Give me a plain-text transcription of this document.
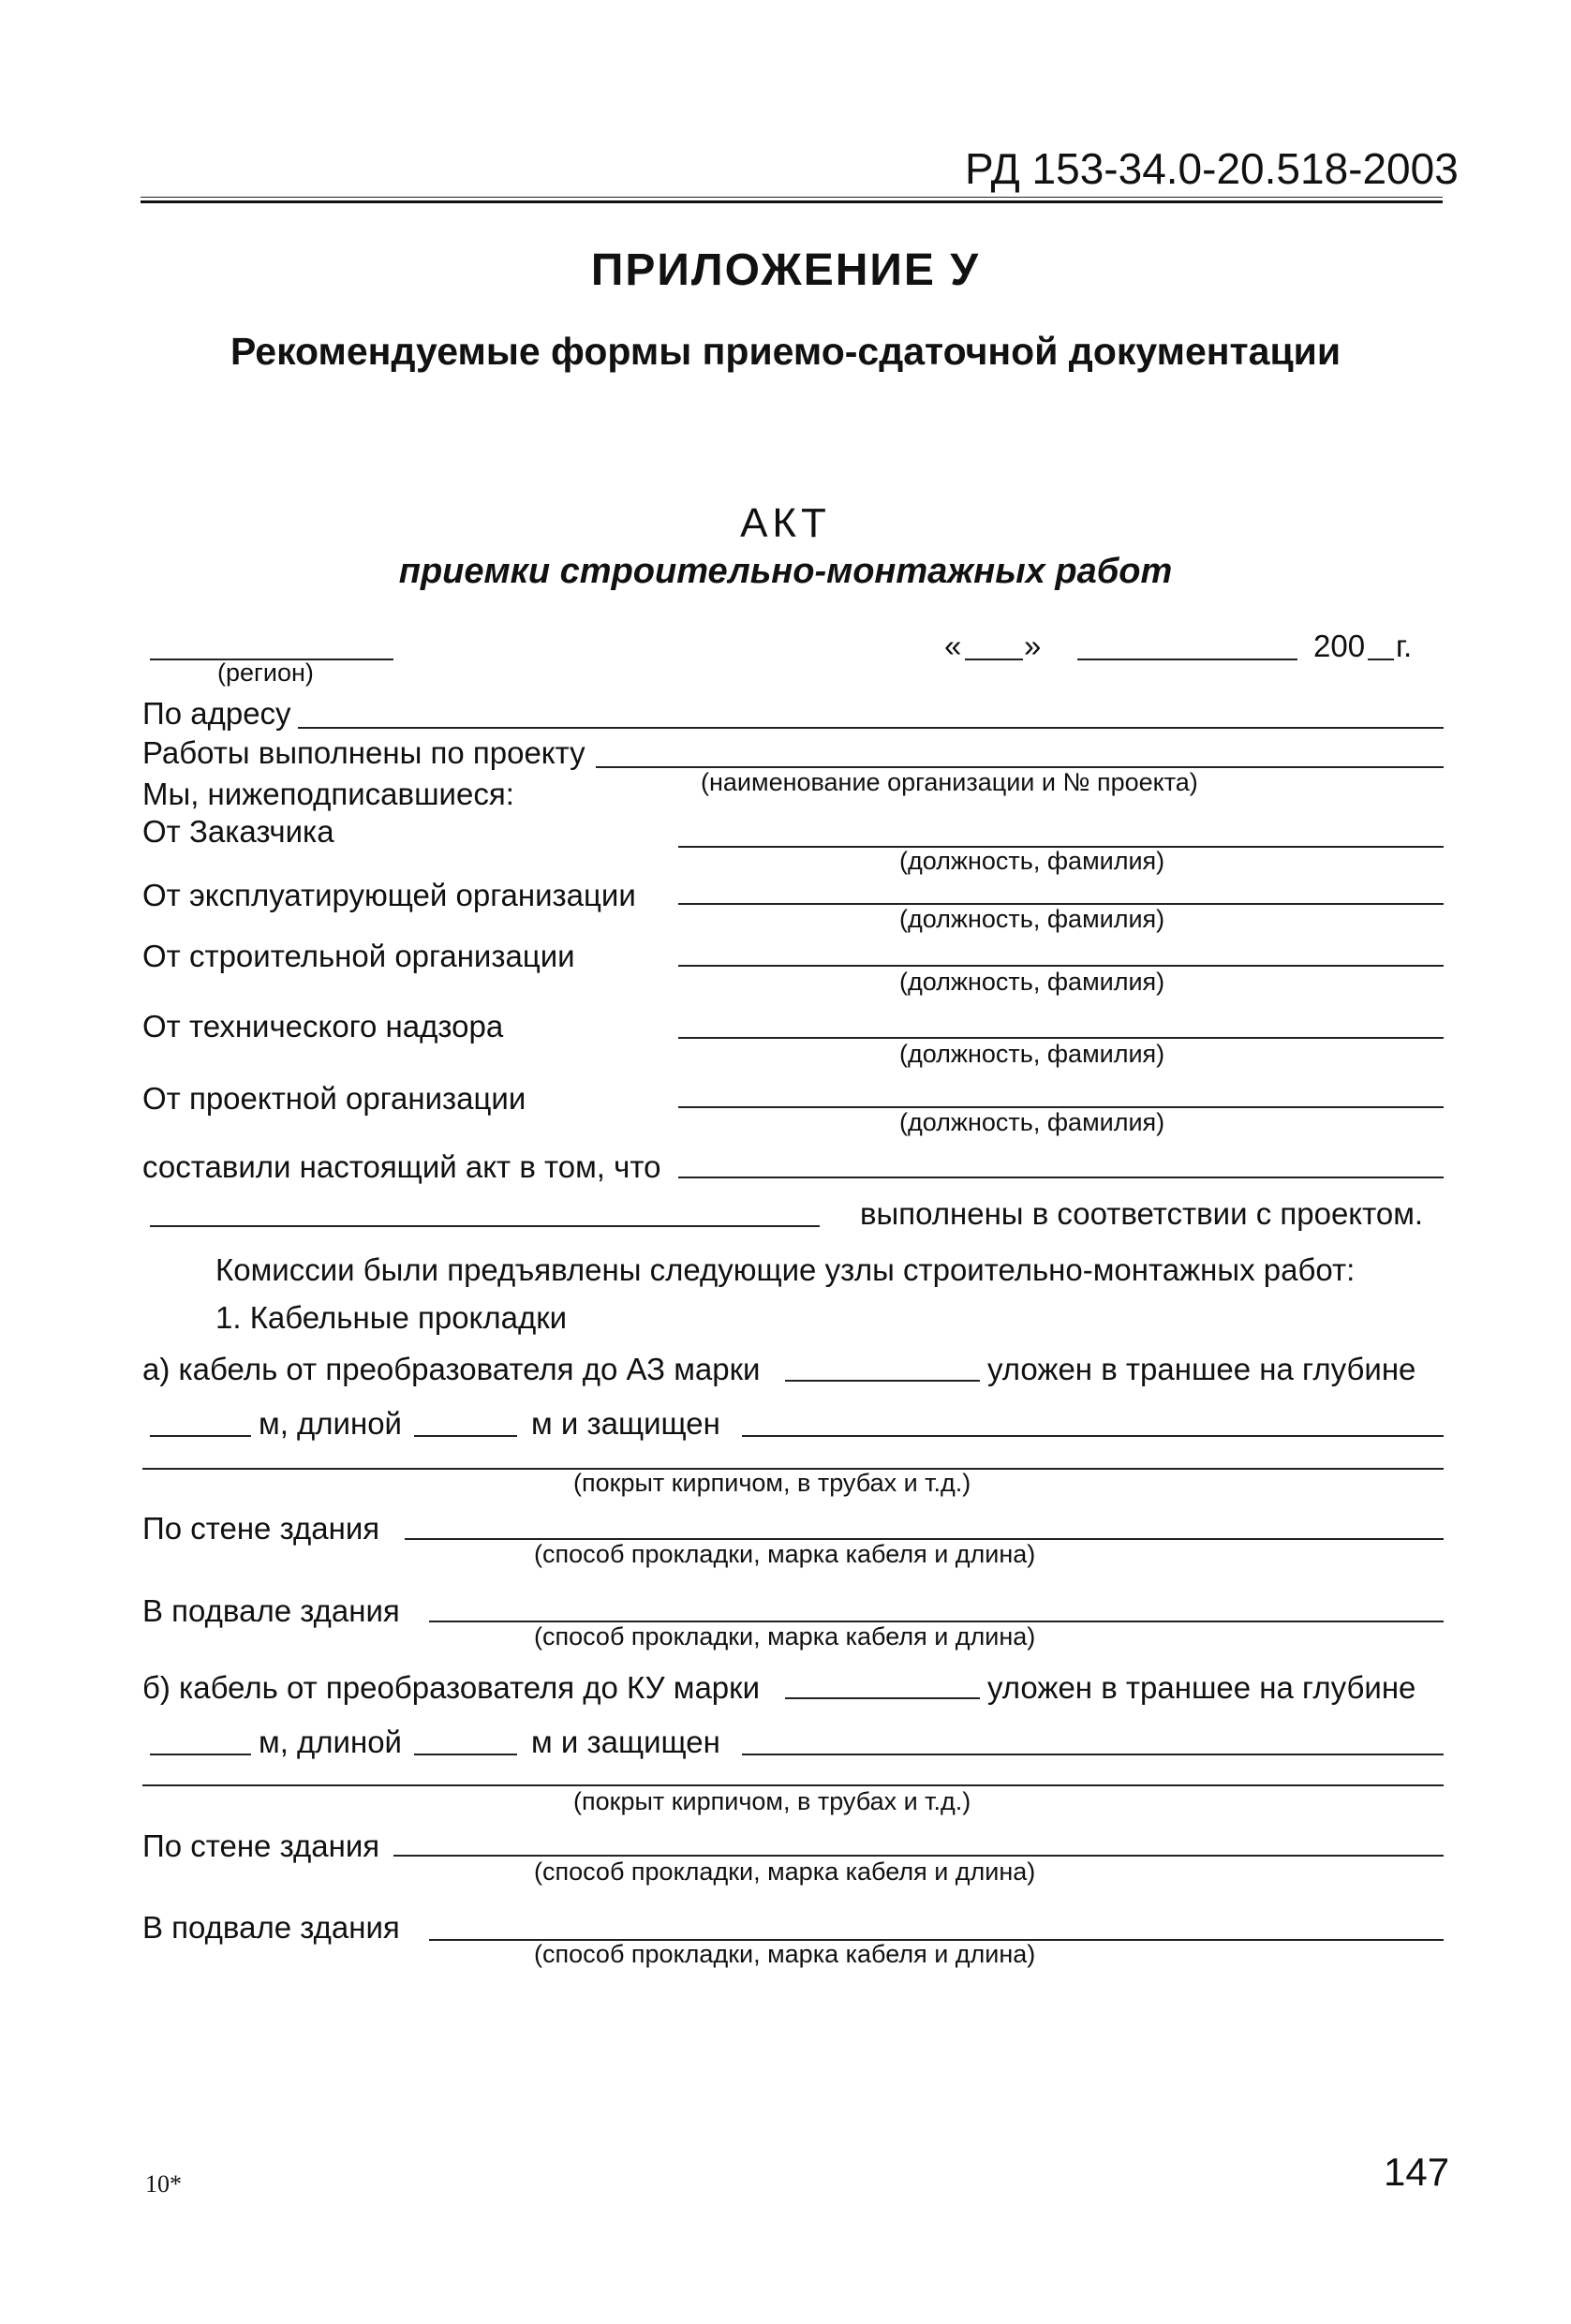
РД 153-34.0-20.518-2003
ПРИЛОЖЕНИЕ У
Рекомендуемые формы приемо-сдаточной документации
АКТ
приемки строительно-монтажных работ
(регион)
« »	200 г.
По адресу
Работы выполнены по проекту
(наименование организации и № проекта)
Мы, нижеподписавшиеся:
От Заказчика
(должность, фамилия)
От эксплуатирующей организации
(должность, фамилия)
От строительной организации
(должность, фамилия)
От технического надзора
(должность, фамилия)
От проектной организации
(должность, фамилия)
составили настоящий акт в том, что
выполнены в соответствии с проектом.
Комиссии были предъявлены следующие узлы строительно-монтажных работ:
1. Кабельные прокладки
а) кабель от преобразователя до АЗ марки	уложен в траншее на глубине
м, длиной	м и защищен
(покрыт кирпичом, в трубах и т.д.)
По стене здания
(способ прокладки, марка кабеля и длина)
В подвале здания
(способ прокладки, марка кабеля и длина)
б) кабель от преобразователя до КУ марки	уложен в траншее на глубине
м, длиной	м и защищен
(покрыт кирпичом, в трубах и т.д.)
По стене здания
(способ прокладки, марка кабеля и длина)
В подвале здания
(способ прокладки, марка кабеля и длина)
10*	147
